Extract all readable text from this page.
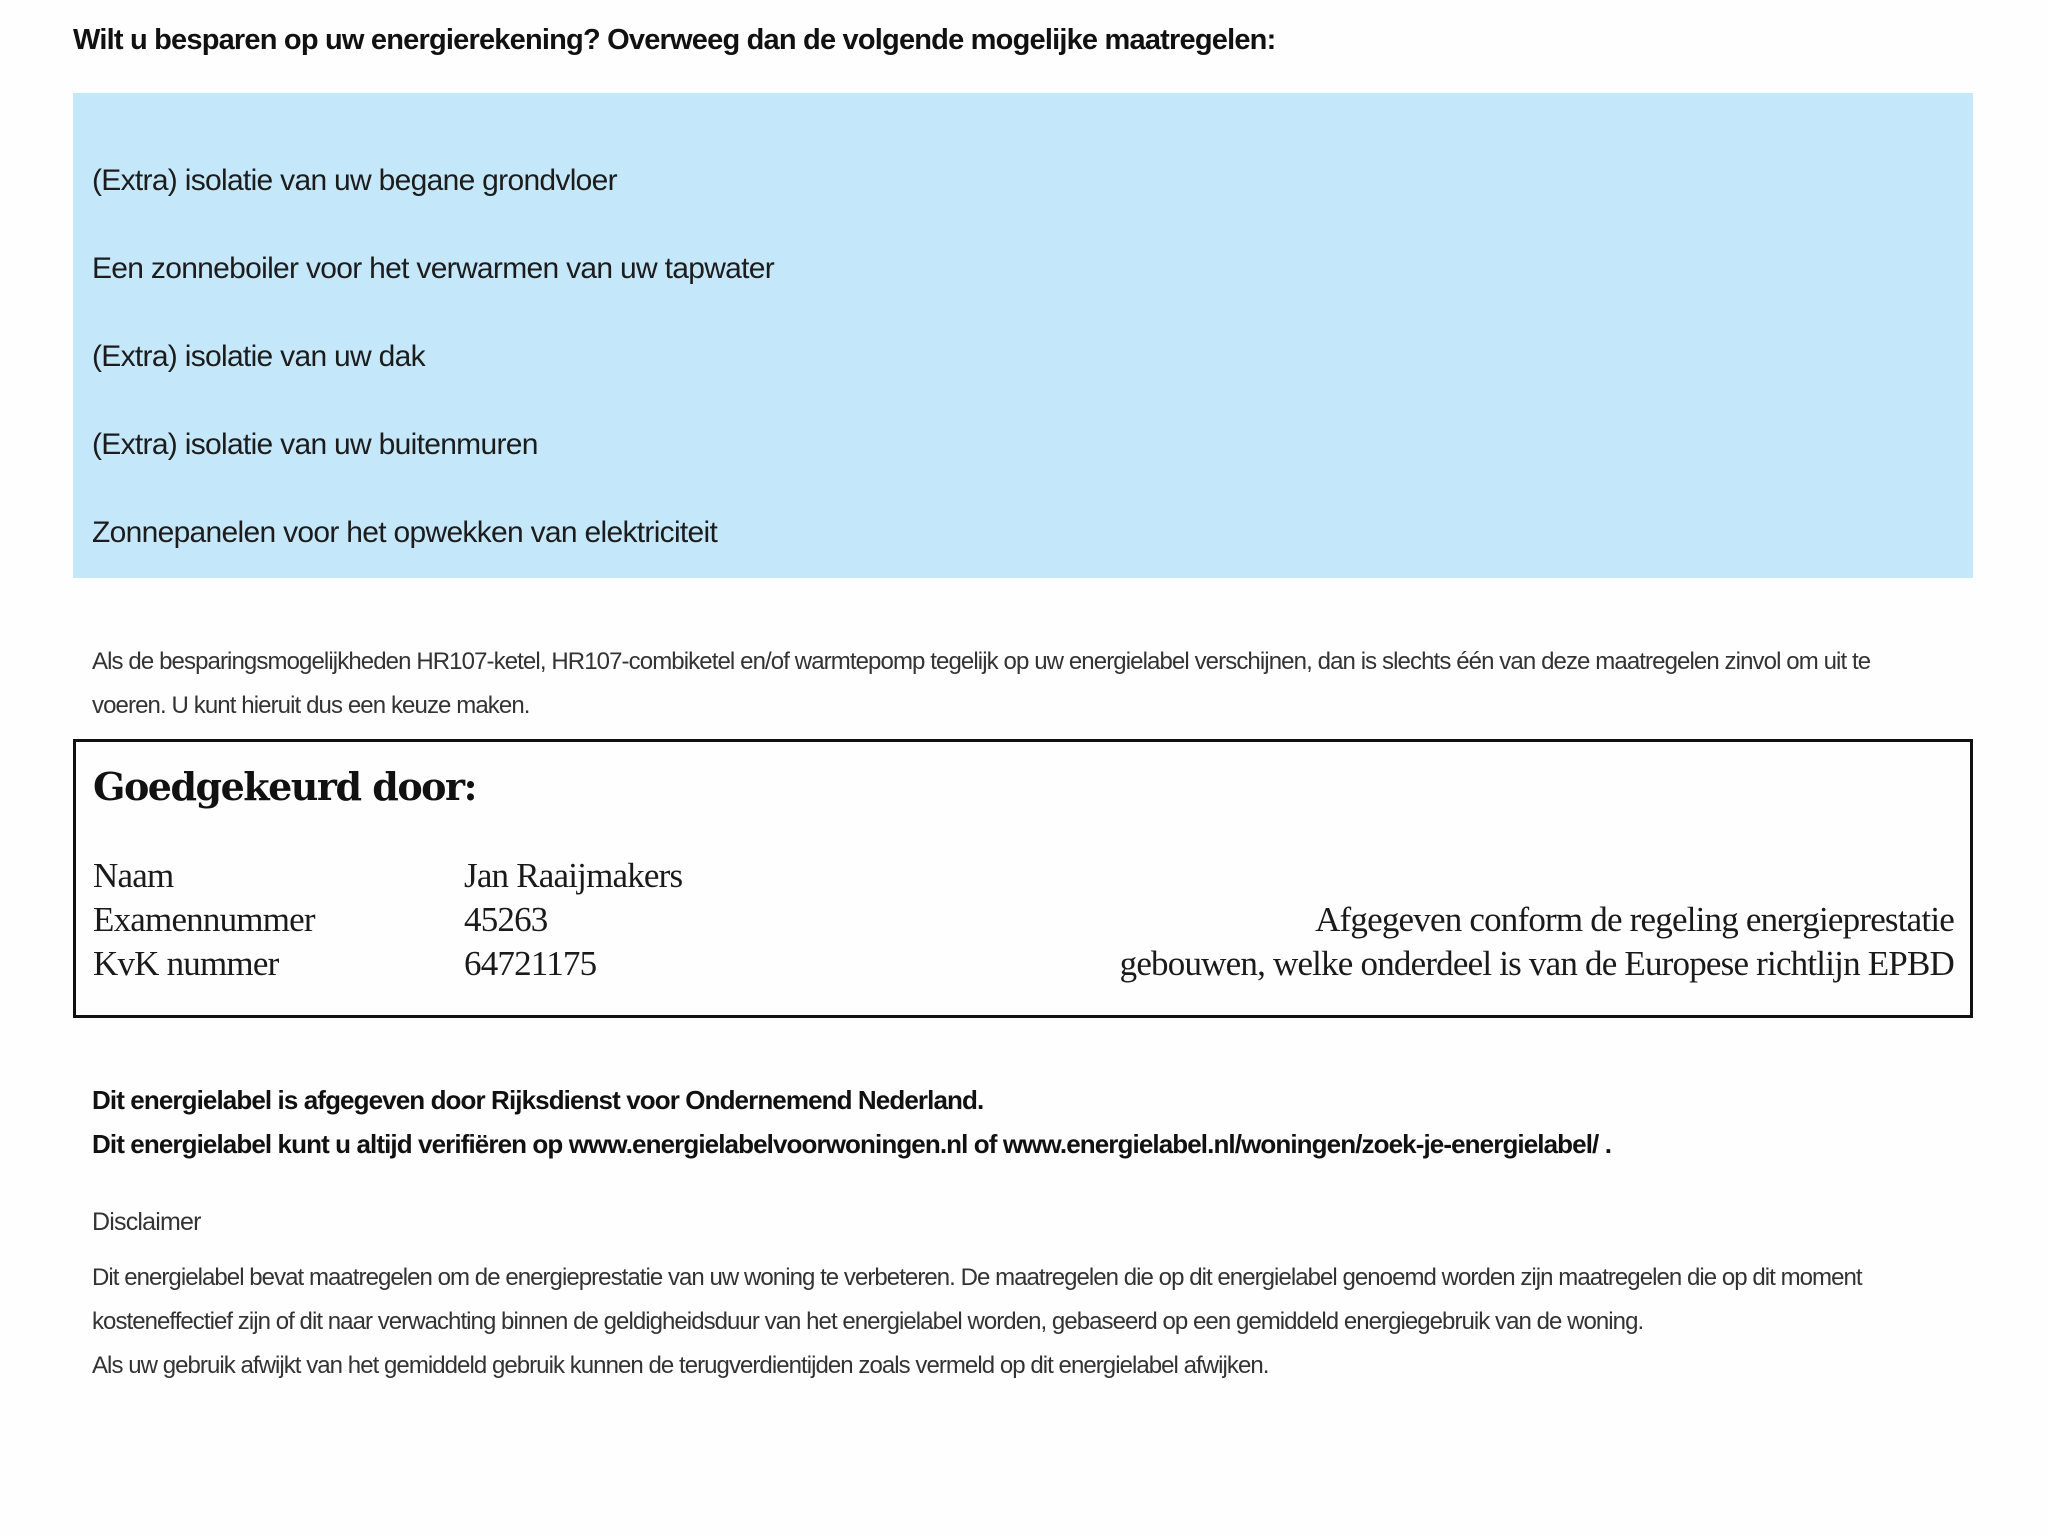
Wilt u besparen op uw energierekening? Overweeg dan de volgende mogelijke maatregelen:
(Extra) isolatie van uw begane grondvloer
Een zonneboiler voor het verwarmen van uw tapwater
(Extra) isolatie van uw dak
(Extra) isolatie van uw buitenmuren
Zonnepanelen voor het opwekken van elektriciteit
Als de besparingsmogelijkheden HR107-ketel, HR107-combiketel en/of warmtepomp tegelijk op uw energielabel verschijnen, dan is slechts één van deze maatregelen zinvol om uit te voeren. U kunt hieruit dus een keuze maken.
Goedgekeurd door:
Naam	Jan Raaijmakers
Examennummer	45263
KvK nummer	64721175
Afgegeven conform de regeling energieprestatie
gebouwen, welke onderdeel is van de Europese richtlijn EPBD
Dit energielabel is afgegeven door Rijksdienst voor Ondernemend Nederland.
Dit energielabel kunt u altijd verifiëren op www.energielabelvoorwoningen.nl of www.energielabel.nl/woningen/zoek-je-energielabel/ .
Disclaimer
Dit energielabel bevat maatregelen om de energieprestatie van uw woning te verbeteren. De maatregelen die op dit energielabel genoemd worden zijn maatregelen die op dit moment
kosteneffectief zijn of dit naar verwachting binnen de geldigheidsduur van het energielabel worden, gebaseerd op een gemiddeld energiegebruik van de woning.
Als uw gebruik afwijkt van het gemiddeld gebruik kunnen de terugverdientijden zoals vermeld op dit energielabel afwijken.
